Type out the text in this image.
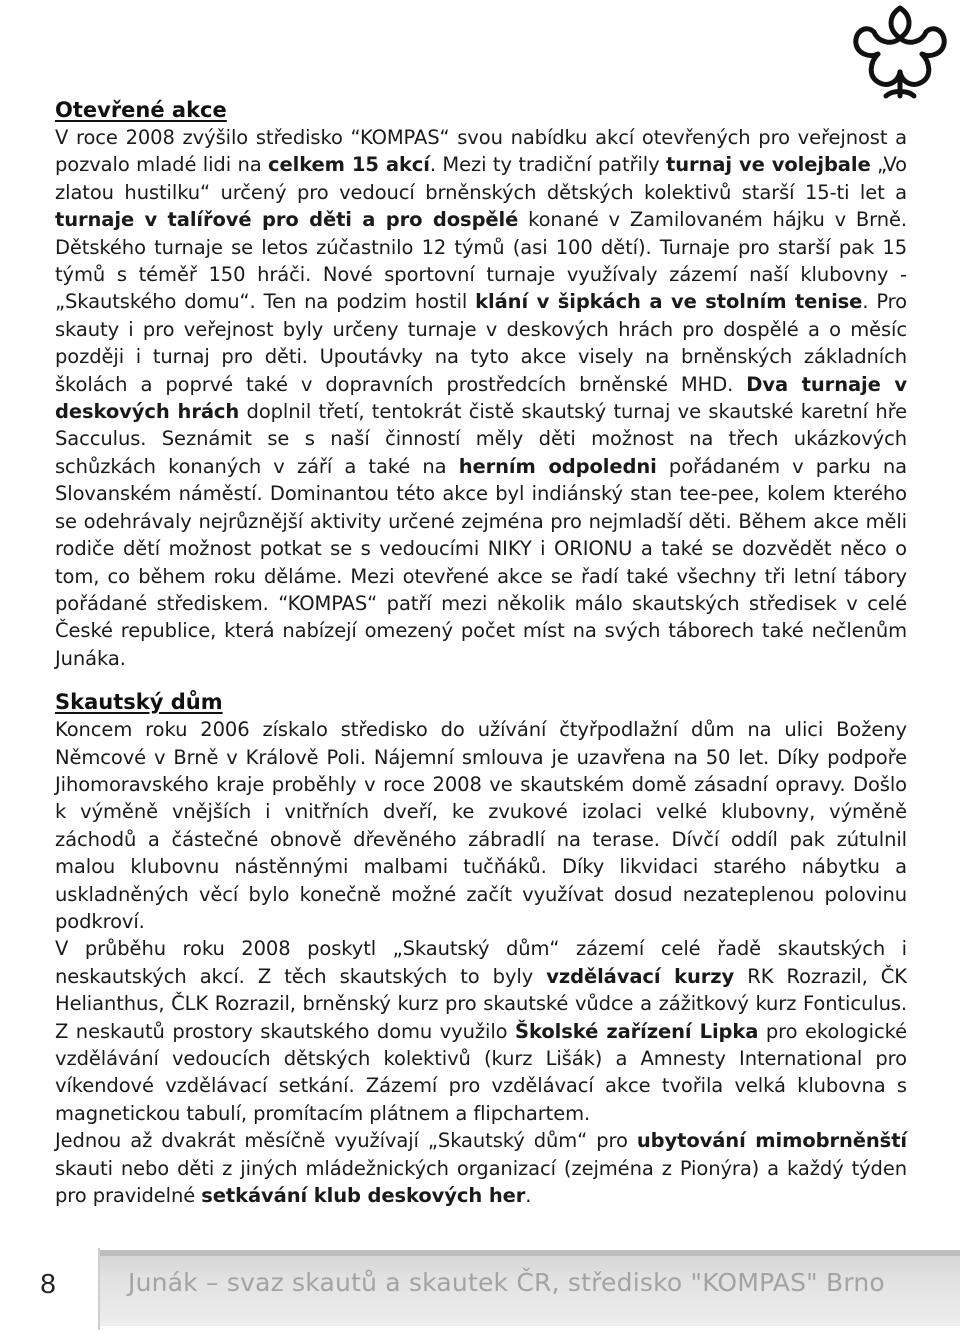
Otevřené akce

V roce 2008 zvýšilo středisko “KOMPAS“ svou nabídku akcí otevřených pro veřejnost a pozvalo mladé lidi na celkem 15 akcí. Mezi ty tradiční patřily turnaj ve volejbale „Vo zlatou hustilku“ určený pro vedoucí brněnských dětských kolektivů starší 15-ti let a turnaje v talířové pro děti a pro dospělé konané v Zamilovaném hájku v Brně. Dětského turnaje se letos zúčastnilo 12 týmů (asi 100 dětí). Turnaje pro starší pak 15 týmů s téměř 150 hráči. Nové sportovní turnaje využívaly zázemí naší klubovny - „Skautského domu“. Ten na podzim hostil klání v šipkách a ve stolním tenise. Pro skauty i pro veřejnost byly určeny turnaje v deskových hrách pro dospělé a o měsíc později i turnaj pro děti. Upoutávky na tyto akce visely na brněnských základních školách a poprvé také v dopravních prostředcích brněnské MHD. Dva turnaje v deskových hrách doplnil třetí, tentokrát čistě skautský turnaj ve skautské karetní hře Sacculus. Seznámit se s naší činností měly děti možnost na třech ukázkových schůzkách konaných v září a také na herním odpoledni pořádaném v parku na Slovanském náměstí. Dominantou této akce byl indiánský stan tee-pee, kolem kterého se odehrávaly nejrůznější aktivity určené zejména pro nejmladší děti. Během akce měli rodiče dětí možnost potkat se s vedoucími NIKY i ORIONU a také se dozvědět něco o tom, co během roku děláme. Mezi otevřené akce se řadí také všechny tři letní tábory pořádané střediskem. “KOMPAS“ patří mezi několik málo skautských středisek v celé České republice, která nabízejí omezený počet míst na svých táborech také nečlenům Junáka.

Skautský dům

Koncem roku 2006 získalo středisko do užívání čtyřpodlažní dům na ulici Boženy Němcové v Brně v Králově Poli. Nájemní smlouva je uzavřena na 50 let. Díky podpoře Jihomoravského kraje proběhly v roce 2008 ve skautském domě zásadní opravy. Došlo k výměně vnějších i vnitřních dveří, ke zvukové izolaci velké klubovny, výměně záchodů a částečné obnově dřevěného zábradlí na terase. Dívčí oddíl pak zútulnil malou klubovnu nástěnnými malbami tučňáků. Díky likvidaci starého nábytku a uskladněných věcí bylo konečně možné začít využívat dosud nezateplenou polovinu podkroví.

V průběhu roku 2008 poskytl „Skautský dům“ zázemí celé řadě skautských i neskautských akcí. Z těch skautských to byly vzdělávací kurzy RK Rozrazil, ČK Helianthus, ČLK Rozrazil, brněnský kurz pro skautské vůdce a zážitkový kurz Fonticulus. Z neskautů prostory skautského domu využilo Školské zařízení Lipka pro ekologické vzdělávání vedoucích dětských kolektivů (kurz Lišák) a Amnesty International pro víkendové vzdělávací setkání. Zázemí pro vzdělávací akce tvořila velká klubovna s magnetickou tabulí, promítacím plátnem a flipchartem.

Jednou až dvakrát měsíčně využívají „Skautský dům“ pro ubytování mimobrněnští skauti nebo děti z jiných mládežnických organizací (zejména z Pionýra) a každý týden pro pravidelné setkávání klub deskových her.

8	Junák – svaz skautů a skautek ČR, středisko "KOMPAS" Brno
